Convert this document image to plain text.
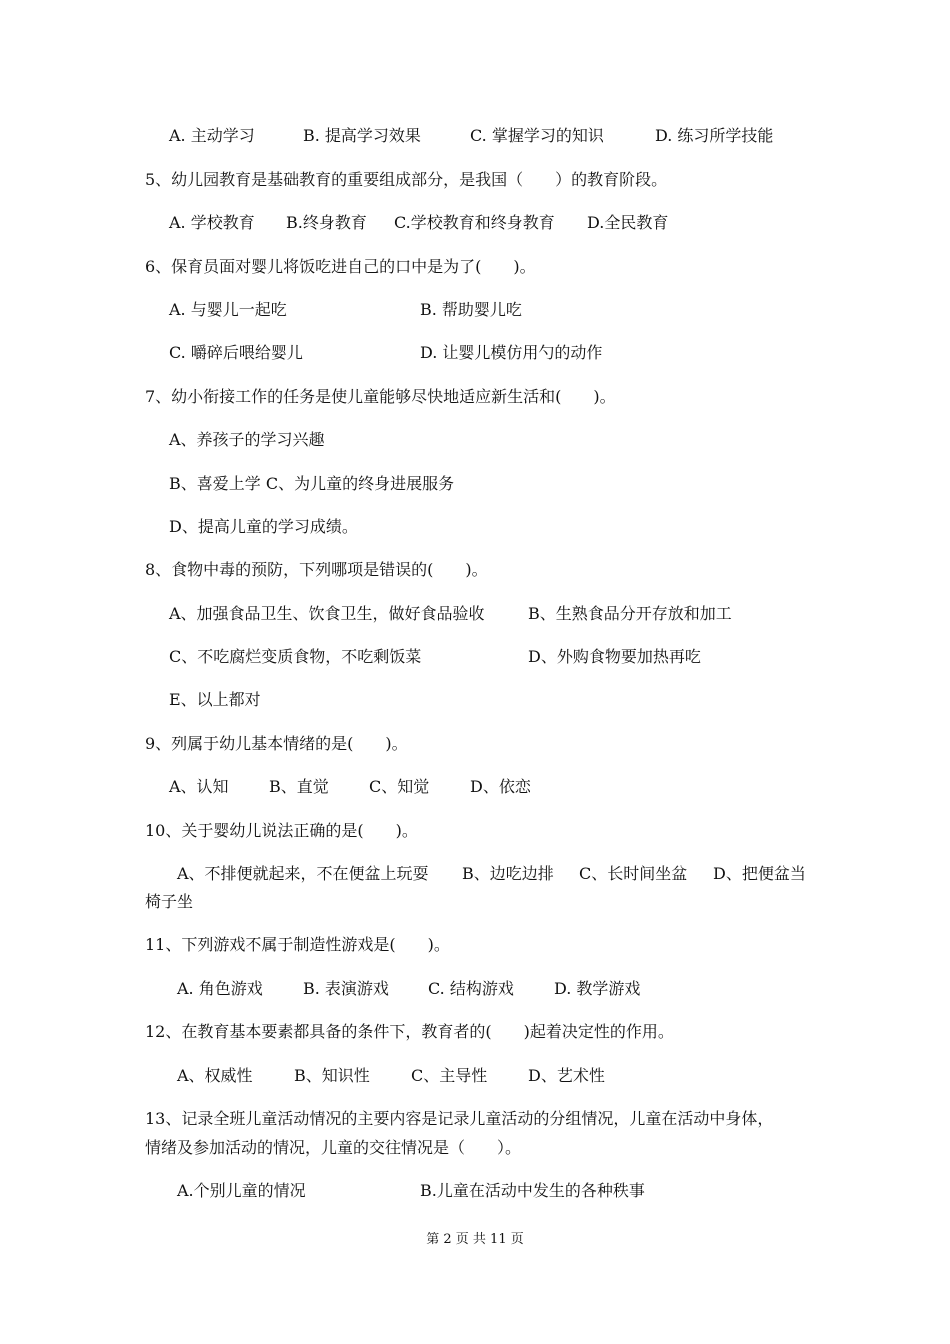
A. 主动学习	B. 提高学习效果	C. 掌握学习的知识	D. 练习所学技能
5、幼儿园教育是基础教育的重要组成部分，是我国（　　）的教育阶段。
A. 学校教育 B.终身教育 C.学校教育和终身教育 D.全民教育
6、保育员面对婴儿将饭吃进自己的口中是为了(　　)。
A. 与婴儿一起吃	B. 帮助婴儿吃
C. 嚼碎后喂给婴儿	D. 让婴儿模仿用勺的动作
7、幼小衔接工作的任务是使儿童能够尽快地适应新生活和(　　)。
A、养孩子的学习兴趣
B、喜爱上学 C、为儿童的终身进展服务
D、提高儿童的学习成绩。
8、食物中毒的预防，下列哪项是错误的(　　)。
A、加强食品卫生、饮食卫生，做好食品验收	B、生熟食品分开存放和加工
C、不吃腐烂变质食物，不吃剩饭菜	D、外购食物要加热再吃
E、以上都对
9、列属于幼儿基本情绪的是(　　)。
A、认知	B、直觉	C、知觉	D、依恋
10、关于婴幼儿说法正确的是(　　)。
A、不排便就起来，不在便盆上玩耍 B、边吃边排 C、长时间坐盆 D、把便盆当
椅子坐
11、下列游戏不属于制造性游戏是(　　)。
A. 角色游戏	B. 表演游戏 C. 结构游戏	D. 教学游戏
12、在教育基本要素都具备的条件下，教育者的(　　)起着决定性的作用。
A、权威性	B、知识性	C、主导性	D、艺术性
13、记录全班儿童活动情况的主要内容是记录儿童活动的分组情况，儿童在活动中身体，
情绪及参加活动的情况，儿童的交往情况是（　　）。
A.个别儿童的情况	B.儿童在活动中发生的各种秩事
第 2 页 共 11 页
